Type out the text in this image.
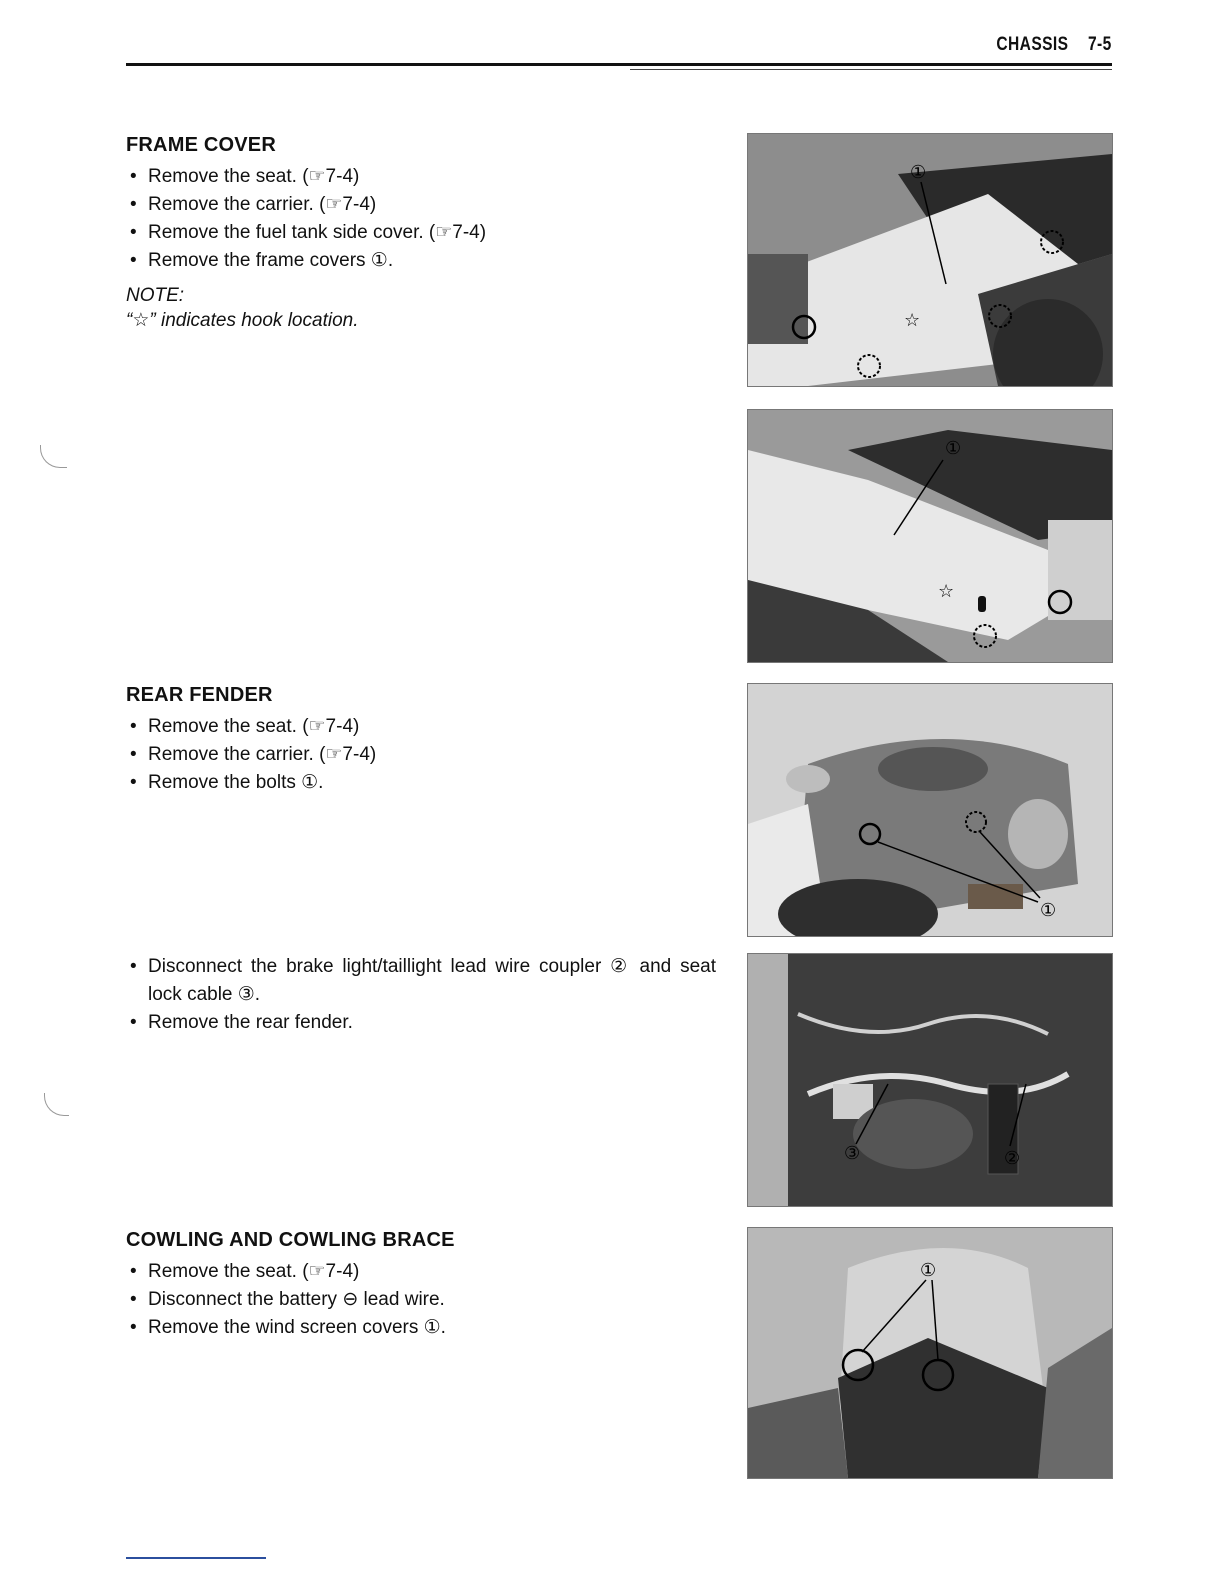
CHASSIS 7-5
FRAME COVER
• Remove the seat. (☞7-4)
• Remove the carrier. (☞7-4)
• Remove the fuel tank side cover. (☞7-4)
• Remove the frame covers ①.

NOTE:

“☆” indicates hook location.

REAR FENDER
• Remove the seat. (☞7-4)
• Remove the carrier. (☞7-4)
• Remove the bolts ①.
• Disconnect the brake light/taillight lead wire coupler ② and seat lock cable ③.
• Remove the rear fender.
COWLING AND COWLING BRACE
• Remove the seat. (☞7-4)
• Disconnect the battery ⊖ lead wire.
• Remove the wind screen covers ①.
①
☆
①
☆
①
③	②
①
